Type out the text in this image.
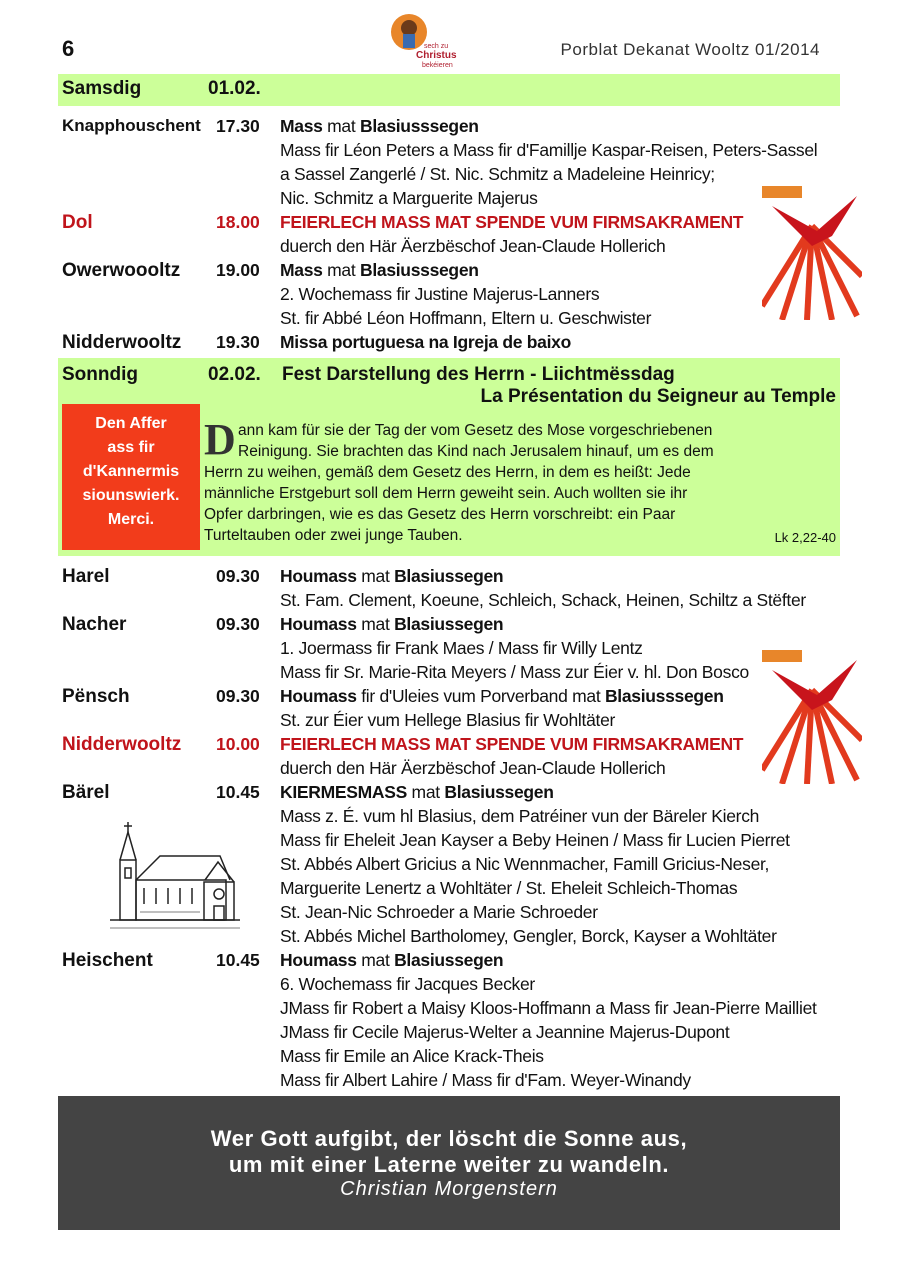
6	sech zu
Christus
bekéieren
Porblat Dekanat Wooltz 01/2014
Samsdig	01.02.
Knapphouschent 17.30 Mass mat Blasiusssegen
Mass fir Léon Peters a Mass fir d'Famillje Kaspar-Reisen, Peters-Sassel
a Sassel Zangerlé / St. Nic. Schmitz a Madeleine Heinricy;
Nic. Schmitz a Marguerite Majerus
Dol	18.00 FEIERLECH MASS MAT SPENDE VUM FIRMSAKRAMENT
duerch den Här Äerzbëschof Jean-Claude Hollerich
Owerwoooltz 19.00 Mass mat Blasiusssegen
2. Wochemass fir Justine Majerus-Lanners
St. fir Abbé Léon Hoffmann, Eltern u. Geschwister
Nidderwooltz 19.30 Missa portuguesa na Igreja de baixo
Sonndig	02.02. Fest Darstellung des Herrn - Liichtmëssdag
La Présentation du Seigneur au Temple
D ann kam für sie der Tag der vom Gesetz des Mose vorgeschriebenen
Reinigung. Sie brachten das Kind nach Jerusalem hinauf, um es dem
Herrn zu weihen, gemäß dem Gesetz des Herrn, in dem es heißt: Jede
männliche Erstgeburt soll dem Herrn geweiht sein. Auch wollten sie ihr
Opfer darbringen, wie es das Gesetz des Herrn vorschreibt: ein Paar
Turteltauben oder zwei junge Tauben.	Lk 2,22-40
Den Affer
ass fir
d'Kannermis
siounswierk.
Merci.
Harel	09.30 Houmass mat Blasiussegen
St. Fam. Clement, Koeune, Schleich, Schack, Heinen, Schiltz a Stëfter
Nacher	09.30 Houmass mat Blasiussegen
1. Joermass fir Frank Maes / Mass fir Willy Lentz
Mass fir Sr. Marie-Rita Meyers / Mass zur Éier v. hl. Don Bosco
Pënsch	09.30 Houmass fir d'Uleies vum Porverband mat Blasiusssegen
St. zur Éier vum Hellege Blasius fir Wohltäter
Nidderwooltz 10.00 FEIERLECH MASS MAT SPENDE VUM FIRMSAKRAMENT
duerch den Här Äerzbëschof Jean-Claude Hollerich
Bärel	10.45 KIERMESMASS mat Blasiussegen
Mass z. É. vum hl Blasius, dem Patréiner vun der Bäreler Kierch
Mass fir Eheleit Jean Kayser a Beby Heinen / Mass fir Lucien Pierret
St. Abbés Albert Gricius a Nic Wennmacher, Famill Gricius-Neser,
Marguerite Lenertz a Wohltäter / St. Eheleit Schleich-Thomas
St. Jean-Nic Schroeder a Marie Schroeder
St. Abbés Michel Bartholomey, Gengler, Borck, Kayser a Wohltäter
Heischent	10.45 Houmass mat Blasiussegen
6. Wochemass fir Jacques Becker
JMass fir Robert a Maisy Kloos-Hoffmann a Mass fir Jean-Pierre Mailliet
JMass fir Cecile Majerus-Welter a Jeannine Majerus-Dupont
Mass fir Emile an Alice Krack-Theis
Mass fir Albert Lahire / Mass fir d'Fam. Weyer-Winandy
Wer Gott aufgibt, der löscht die Sonne aus,
um mit einer Laterne weiter zu wandeln.
Christian Morgenstern
